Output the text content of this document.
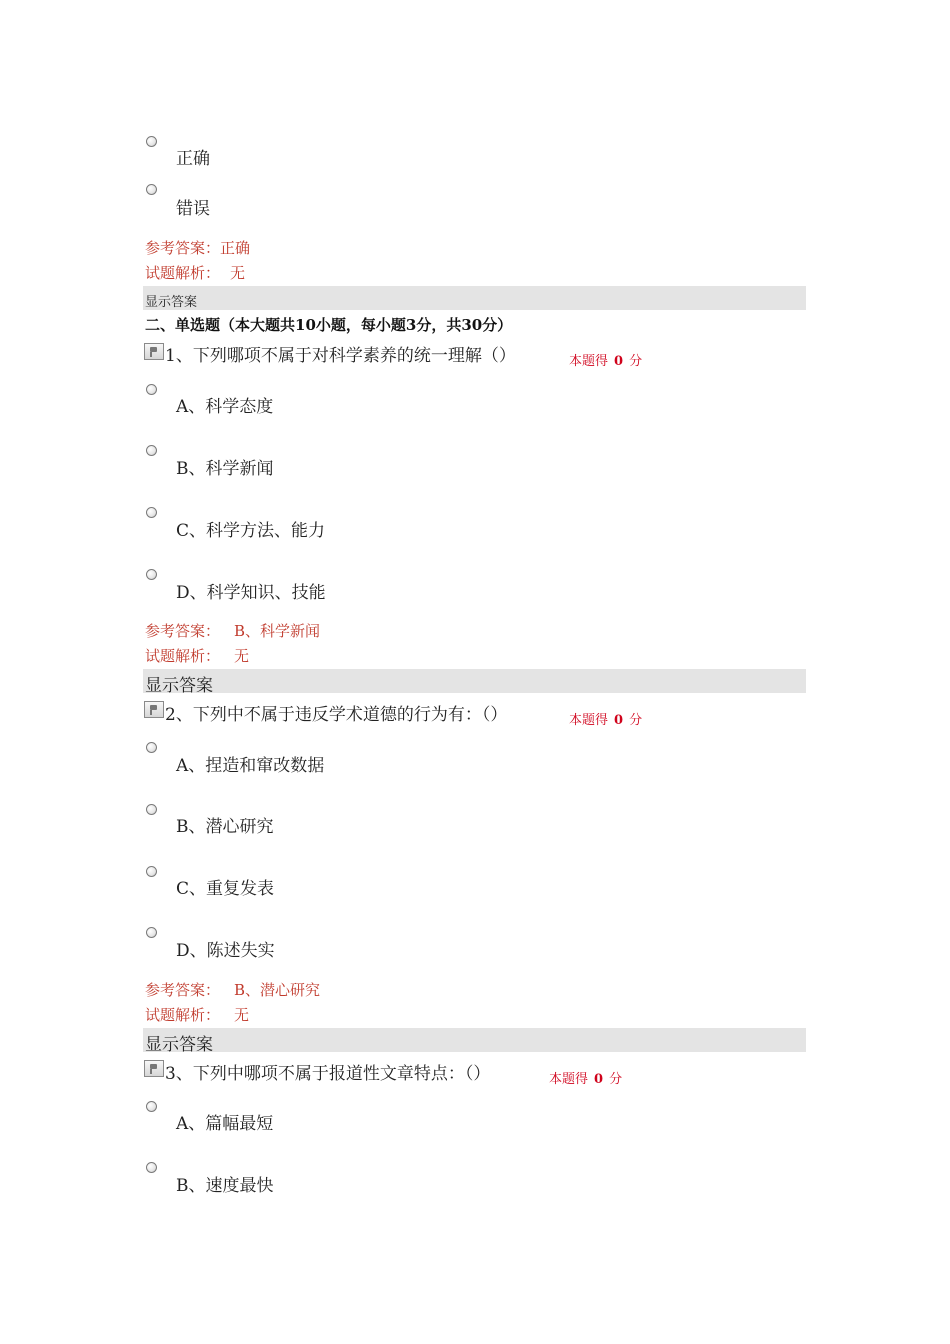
正确
错误
参考答案：正确
试题解析： 无
显示答案
二、单选题（本大题共10小题，每小题3分，共30分）
1、下列哪项不属于对科学素养的统一理解（）	本题得 0 分
A、科学态度
B、科学新闻
C、科学方法、能力
D、科学知识、技能
参考答案： B、科学新闻
试题解析： 无
显示答案
2、下列中不属于违反学术道德的行为有：（）	本题得 0 分
A、捏造和窜改数据
B、潜心研究
C、重复发表
D、陈述失实
参考答案： B、潜心研究
试题解析： 无
显示答案
3、下列中哪项不属于报道性文章特点：（）	本题得 0 分
A、篇幅最短
B、速度最快
